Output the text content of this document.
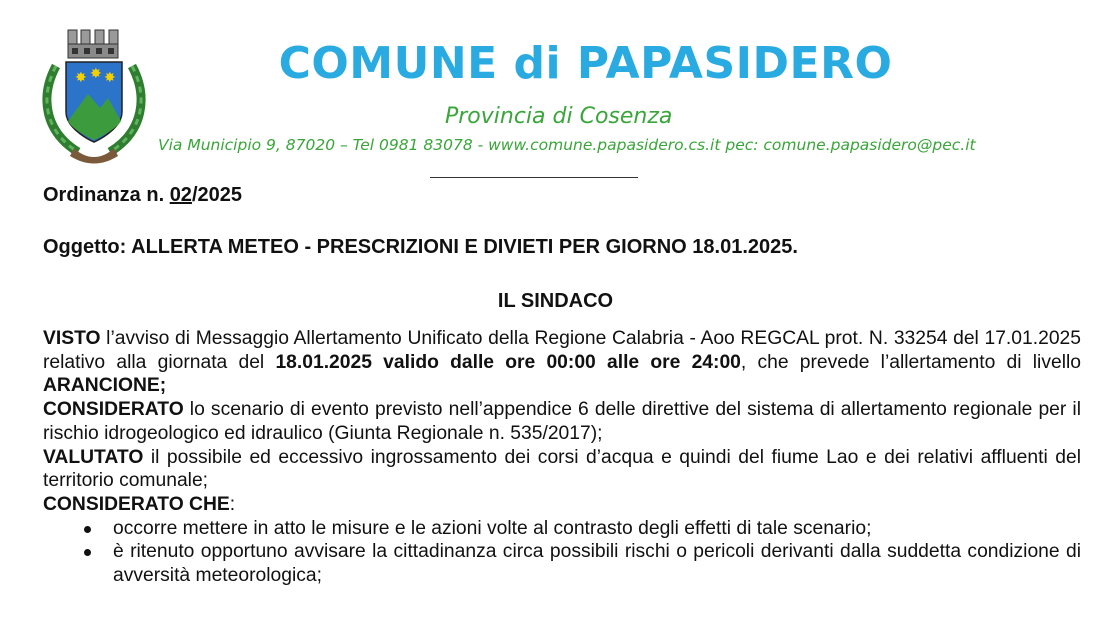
✸ ✸ ✸	COMUNE di PAPASIDERO
Provincia di Cosenza
Via Municipio 9, 87020 – Tel 0981 83078 - www.comune.papasidero.cs.it pec: comune.papasidero@pec.it
Ordinanza n. 02/2025
Oggetto: ALLERTA METEO - PRESCRIZIONI E DIVIETI PER GIORNO 18.01.2025.
IL SINDACO

VISTO l’avviso di Messaggio Allertamento Unificato della Regione Calabria - Aoo REGCAL prot. N. 33254 del 17.01.2025 relativo alla giornata del 18.01.2025 valido dalle ore 00:00 alle ore 24:00, che prevede l’allertamento di livello ARANCIONE;

CONSIDERATO lo scenario di evento previsto nell’appendice 6 delle direttive del sistema di allertamento regionale per il rischio idrogeologico ed idraulico (Giunta Regionale n. 535/2017);

VALUTATO il possibile ed eccessivo ingrossamento dei corsi d’acqua e quindi del fiume Lao e dei relativi affluenti del territorio comunale;

CONSIDERATO CHE:

occorre mettere in atto le misure e le azioni volte al contrasto degli effetti di tale scenario;
è ritenuto opportuno avvisare la cittadinanza circa possibili rischi o pericoli derivanti dalla suddetta condizione di avversità meteorologica;
